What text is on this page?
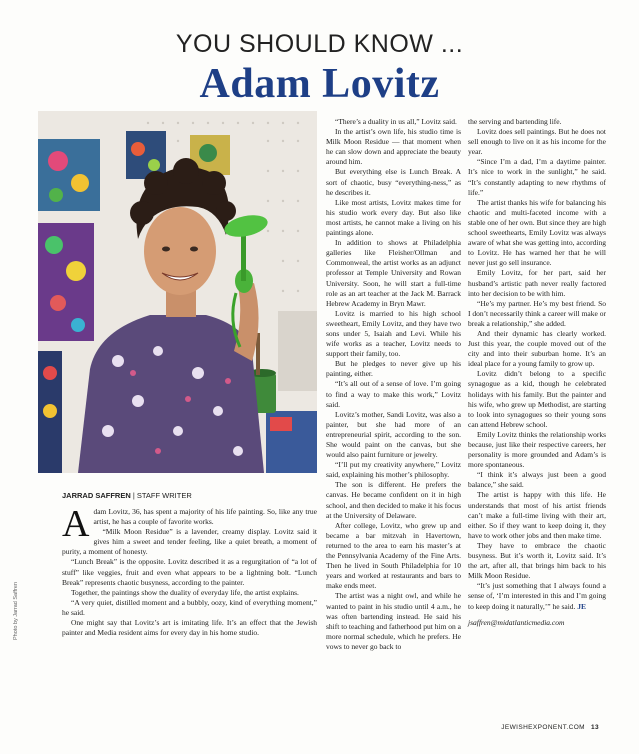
YOU SHOULD KNOW ...
Adam Lovitz
Photo by Jarrad Saffren
JARRAD SAFFREN | STAFF WRITER

Adam Lovitz, 36, has spent a majority of his life painting. So, like any true artist, he has a couple of favorite works.

“Milk Moon Residue” is a lavender, creamy display. Lovitz said it gives him a sweet and tender feeling, like a quiet breath, a moment of purity, a moment of honesty.

“Lunch Break” is the opposite. Lovitz described it as a regurgitation of “a lot of stuff” like veggies, fruit and even what appears to be a lightning bolt. “Lunch Break” represents chaotic busyness, according to the painter.

Together, the paintings show the duality of everyday life, the artist explains.

“A very quiet, distilled moment and a bubbly, oozy, kind of everything moment,” he said.

One might say that Lovitz’s art is imitating life. It’s an effect that the Jewish painter and Media resident aims for every day in his home studio.

“There’s a duality in us all,” Lovitz said.

In the artist’s own life, his studio time is Milk Moon Residue — that moment when he can slow down and appreciate the beauty around him.

But everything else is Lunch Break. A sort of chaotic, busy “everything-ness,” as he describes it.

Like most artists, Lovitz makes time for his studio work every day. But also like most artists, he cannot make a living on his paintings alone.

In addition to shows at Philadelphia galleries like Fleisher/Ollman and Commonweal, the artist works as an adjunct professor at Temple University and Rowan University. Soon, he will start a full-time role as an art teacher at the Jack M. Barrack Hebrew Academy in Bryn Mawr.

Lovitz is married to his high school sweetheart, Emily Lovitz, and they have two sons under 5, Isaiah and Levi. While his wife works as a teacher, Lovitz needs to support their family, too.

But he pledges to never give up his painting, either.

“It’s all out of a sense of love. I’m going to find a way to make this work,” Lovitz said.

Lovitz’s mother, Sandi Lovitz, was also a painter, but she had more of an entrepreneurial spirit, according to the son. She would paint on the canvas, but she would also paint furniture or jewelry.

“I’ll put my creativity anywhere,” Lovitz said, explaining his mother’s philosophy.

The son is different. He prefers the canvas. He became confident on it in high school, and then decided to make it his focus at the University of Delaware.

After college, Lovitz, who grew up and became a bar mitzvah in Havertown, returned to the area to earn his master’s at the Pennsylvania Academy of the Fine Arts. Then he lived in South Philadelphia for 10 years and worked at restaurants and bars to make ends meet.

The artist was a night owl, and while he wanted to paint in his studio until 4 a.m., he was often bartending instead. He said his shift to teaching and fatherhood put him on a more normal schedule, which he prefers. He vows to never go back to

the serving and bartending life.

Lovitz does sell paintings. But he does not sell enough to live on it as his income for the year.

“Since I’m a dad, I’m a daytime painter. It’s nice to work in the sunlight,” he said. “It’s constantly adapting to new rhythms of life.”

The artist thanks his wife for balancing his chaotic and multi-faceted income with a stable one of her own. But since they are high school sweethearts, Emily Lovitz was always aware of what she was getting into, according to Lovitz. He has warned her that he will never just go sell insurance.

Emily Lovitz, for her part, said her husband’s artistic path never really factored into her decision to be with him.

“He’s my partner. He’s my best friend. So I don’t necessarily think a career will make or break a relationship,” she added.

And their dynamic has clearly worked. Just this year, the couple moved out of the city and into their suburban home. It’s an ideal place for a young family to grow up.

Lovitz didn’t belong to a specific synagogue as a kid, though he celebrated holidays with his family. But the painter and his wife, who grew up Methodist, are starting to look into synagogues so their young sons can attend Hebrew school.

Emily Lovitz thinks the relationship works because, just like their respective careers, her personality is more grounded and Adam’s is more spontaneous.

“I think it’s always just been a good balance,” she said.

The artist is happy with this life. He understands that most of his artist friends can’t make a full-time living with their art, either. So if they want to keep doing it, they have to work other jobs and then make time.

They have to embrace the chaotic busyness. But it’s worth it, Lovitz said. It’s the art, after all, that brings him back to his Milk Moon Residue.

“It’s just something that I always found a sense of, ‘I’m interested in this and I’m going to keep doing it naturally,’” he said. JE

jsaffren@midatlanticmedia.com

JEWISHEXPONENT.COM 13
